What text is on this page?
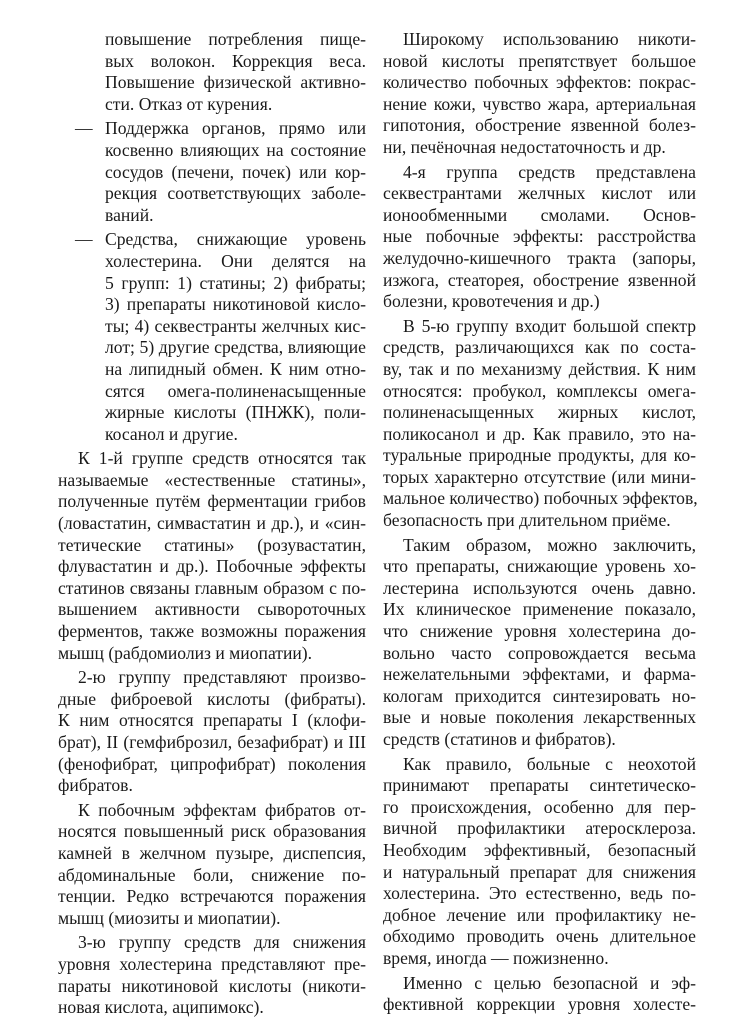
повышение потребления пище-
вых волокон. Коррекция веса.
Повышение физической активно-
сти. Отказ от курения.
— Поддержка органов, прямо или
косвенно влияющих на состояние
сосудов (печени, почек) или кор-
рекция соответствующих заболе-
ваний.
— Средства, снижающие уровень
холестерина. Они делятся на
5 групп: 1) статины; 2) фибраты;
3) препараты никотиновой кисло-
ты; 4) секвестранты желчных кис-
лот; 5) другие средства, влияющие
на липидный обмен. К ним отно-
сятся омега-полиненасыщенные
жирные кислоты (ПНЖК), поли-
косанол и другие.
К 1-й группе средств относятся так
называемые «естественные статины»,
полученные путём ферментации грибов
(ловастатин, симвастатин и др.), и «син-
тетические статины» (розувастатин,
флувастатин и др.). Побочные эффекты
статинов связаны главным образом с по-
вышением активности сывороточных
ферментов, также возможны поражения
мышц (рабдомиолиз и миопатии).
2-ю группу представляют произво-
дные фиброевой кислоты (фибраты).
К ним относятся препараты I (клофи-
брат), II (гемфиброзил, безафибрат) и III
(фенофибрат, ципрофибрат) поколения
фибратов.
К побочным эффектам фибратов от-
носятся повышенный риск образования
камней в желчном пузыре, диспепсия,
абдоминальные боли, снижение по-
тенции. Редко встречаются поражения
мышц (миозиты и миопатии).
3-ю группу средств для снижения
уровня холестерина представляют пре-
параты никотиновой кислоты (никоти-
новая кислота, аципимокс).
Широкому использованию никоти-
новой кислоты препятствует большое
количество побочных эффектов: покрас-
нение кожи, чувство жара, артериальная
гипотония, обострение язвенной болез-
ни, печёночная недостаточность и др.
4-я группа средств представлена
секвестрантами желчных кислот или
ионообменными смолами. Основ-
ные побочные эффекты: расстройства
желудочно-кишечного тракта (запоры,
изжога, стеаторея, обострение язвенной
болезни, кровотечения и др.)
В 5-ю группу входит большой спектр
средств, различающихся как по соста-
ву, так и по механизму действия. К ним
относятся: пробукол, комплексы омега-
полиненасыщенных жирных кислот,
поликосанол и др. Как правило, это на-
туральные природные продукты, для ко-
торых характерно отсутствие (или мини-
мальное количество) побочных эффектов,
безопасность при длительном приёме.
Таким образом, можно заключить,
что препараты, снижающие уровень хо-
лестерина используются очень давно.
Их клиническое применение показало,
что снижение уровня холестерина до-
вольно часто сопровождается весьма
нежелательными эффектами, и фарма-
кологам приходится синтезировать но-
вые и новые поколения лекарственных
средств (статинов и фибратов).
Как правило, больные с неохотой
принимают препараты синтетическо-
го происхождения, особенно для пер-
вичной профилактики атеросклероза.
Необходим эффективный, безопасный
и натуральный препарат для снижения
холестерина. Это естественно, ведь по-
добное лечение или профилактику не-
обходимо проводить очень длительное
время, иногда — пожизненно.
Именно с целью безопасной и эф-
фективной коррекции уровня холесте-
